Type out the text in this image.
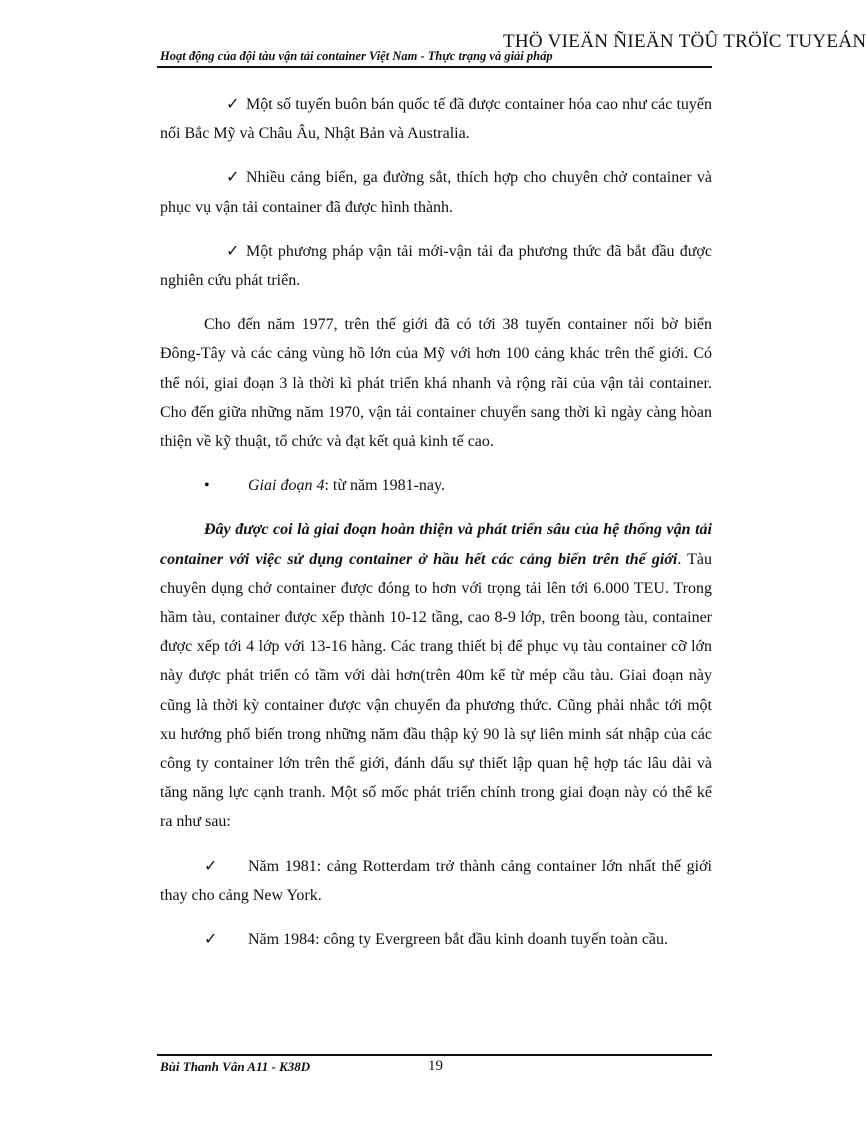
THÖ VIEÄN ÑIEÄN TÖÛ TRÖÏC TUYEÁN
Hoạt động của đội tàu vận tải container Việt Nam - Thực trạng và giải pháp

✓ Một số tuyến buôn bán quốc tế đã được container hóa cao như các tuyến nối Bắc Mỹ và Châu Âu, Nhật Bản và Australia.

✓ Nhiều cảng biển, ga đường sắt, thích hợp cho chuyên chở container và phục vụ vận tải container đã được hình thành.

✓ Một phương pháp vận tải mới-vận tải đa phương thức đã bắt đầu được nghiên cứu phát triển.

Cho đến năm 1977, trên thế giới đã có tới 38 tuyến container nối bờ biển Đông-Tây và các cảng vùng hồ lớn của Mỹ với hơn 100 cảng khác trên thế giới. Có thể nói, giai đoạn 3 là thời kì phát triển khá nhanh và rộng rãi của vận tải container. Cho đến giữa những năm 1970, vận tải container chuyển sang thời kì ngày càng hòan thiện về kỹ thuật, tổ chức và đạt kết quả kinh tế cao.

• Giai đoạn 4: từ năm 1981-nay.

Đây được coi là giai đoạn hoàn thiện và phát triển sâu của hệ thống vận tải container với việc sử dụng container ở hầu hết các cảng biển trên thế giới. Tàu chuyên dụng chở container được đóng to hơn với trọng tải lên tới 6.000 TEU. Trong hầm tàu, container được xếp thành 10-12 tầng, cao 8-9 lớp, trên boong tàu, container được xếp tới 4 lớp với 13-16 hàng. Các trang thiết bị để phục vụ tàu container cỡ lớn này được phát triển có tầm với dài hơn(trên 40m kể từ mép cầu tàu. Giai đoạn này cũng là thời kỳ container được vận chuyển đa phương thức. Cũng phải nhắc tới một xu hướng phổ biến trong những năm đầu thập kỷ 90 là sự liên minh sát nhập của các công ty container lớn trên thế giới, đánh dấu sự thiết lập quan hệ hợp tác lâu dài và tăng năng lực cạnh tranh. Một số mốc phát triển chính trong giai đoạn này có thể kể ra như sau:

✓ Năm 1981: cảng Rotterdam trở thành cảng container lớn nhất thế giới thay cho cảng New York.

✓ Năm 1984: công ty Evergreen bắt đầu kinh doanh tuyến toàn cầu.

Bùi Thanh Vân A11 - K38D	19
